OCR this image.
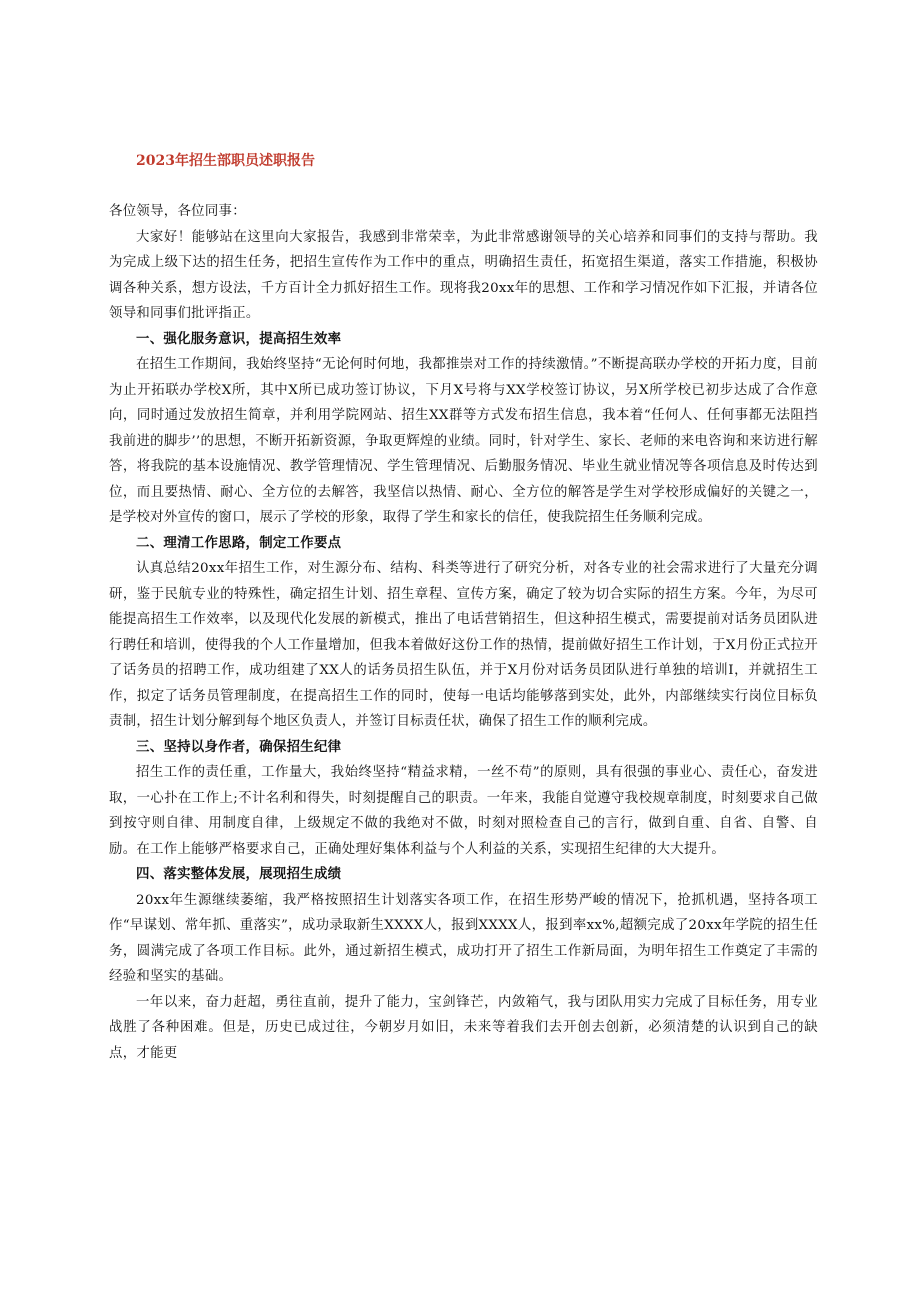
2023年招生部职员述职报告

各位领导，各位同事：

大家好！能够站在这里向大家报告，我感到非常荣幸，为此非常感谢领导的关心培养和同事们的支持与帮助。我为完成上级下达的招生任务，把招生宣传作为工作中的重点，明确招生责任，拓宽招生渠道，落实工作措施，积极协调各种关系，想方设法，千方百计全力抓好招生工作。现将我20xx年的思想、工作和学习情况作如下汇报，并请各位领导和同事们批评指正。

一、强化服务意识，提高招生效率

在招生工作期间，我始终坚持“无论何时何地，我都推崇对工作的持续激情。”不断提高联办学校的开拓力度，目前为止开拓联办学校X所，其中X所已成功签订协议，下月X号将与XX学校签订协议，另X所学校已初步达成了合作意向，同时通过发放招生简章，并利用学院网站、招生XX群等方式发布招生信息，我本着“任何人、任何事都无法阻挡我前进的脚步’’的思想，不断开拓新资源，争取更辉煌的业绩。同时，针对学生、家长、老师的来电咨询和来访进行解答，将我院的基本设施情况、教学管理情况、学生管理情况、后勤服务情况、毕业生就业情况等各项信息及时传达到位，而且要热情、耐心、全方位的去解答，我坚信以热情、耐心、全方位的解答是学生对学校形成偏好的关键之一，是学校对外宣传的窗口，展示了学校的形象，取得了学生和家长的信任，使我院招生任务顺利完成。

二、理清工作思路，制定工作要点

认真总结20xx年招生工作，对生源分布、结构、科类等进行了研究分析，对各专业的社会需求进行了大量充分调研，鉴于民航专业的特殊性，确定招生计划、招生章程、宣传方案，确定了较为切合实际的招生方案。今年，为尽可能提高招生工作效率，以及现代化发展的新模式，推出了电话营销招生，但这种招生模式，需要提前对话务员团队进行聘任和培训，使得我的个人工作量增加，但我本着做好这份工作的热情，提前做好招生工作计划，于X月份正式拉开了话务员的招聘工作，成功组建了XX人的话务员招生队伍，并于X月份对话务员团队进行单独的培训I，并就招生工作，拟定了话务员管理制度，在提高招生工作的同时，使每一电话均能够落到实处，此外，内部继续实行岗位目标负责制，招生计划分解到每个地区负责人，并签订目标责任状，确保了招生工作的顺利完成。

三、坚持以身作者，确保招生纪律

招生工作的责任重，工作量大，我始终坚持“精益求精，一丝不苟”的原则，具有很强的事业心、责任心，奋发进取，一心扑在工作上;不计名利和得失，时刻提醒自己的职责。一年来，我能自觉遵守我校规章制度，时刻要求自己做到按守则自律、用制度自律，上级规定不做的我绝对不做，时刻对照检查自己的言行，做到自重、自省、自警、自励。在工作上能够严格要求自己，正确处理好集体利益与个人利益的关系，实现招生纪律的大大提升。

四、落实整体发展，展现招生成绩

20xx年生源继续萎缩，我严格按照招生计划落实各项工作，在招生形势严峻的情况下，抢抓机遇，坚持各项工作“早谋划、常年抓、重落实”，成功录取新生XXXX人，报到XXXX人，报到率xx%,超额完成了20xx年学院的招生任务，圆满完成了各项工作目标。此外，通过新招生模式，成功打开了招生工作新局面，为明年招生工作奠定了丰需的经验和坚实的基础。

一年以来，奋力赶超，勇往直前，提升了能力，宝剑锋芒，内敛箱气，我与团队用实力完成了目标任务，用专业战胜了各种困难。但是，历史已成过往，今朝岁月如旧，未来等着我们去开创去创新，必须清楚的认识到自己的缺点，才能更
